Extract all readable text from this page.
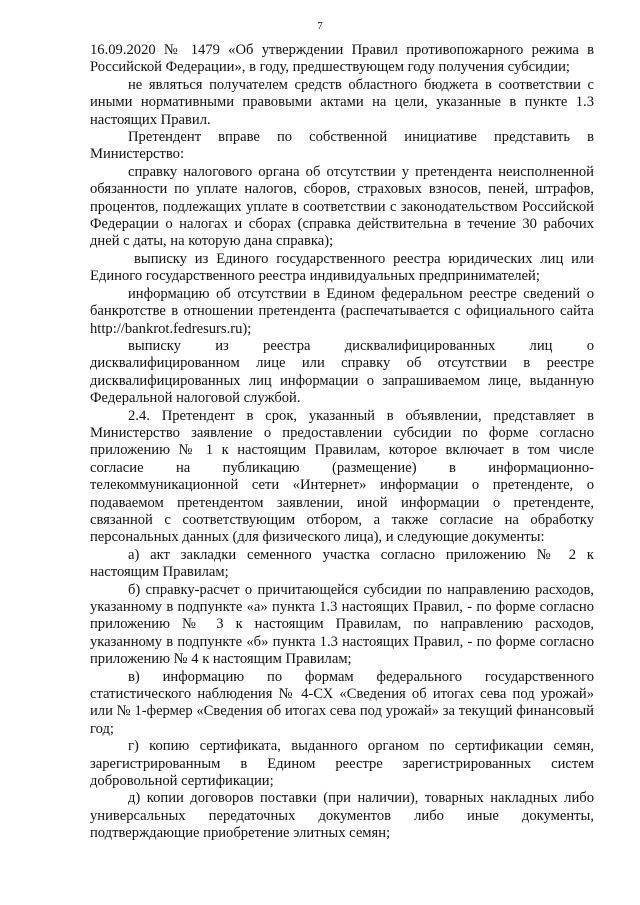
7

16.09.2020 № 1479 «Об утверждении Правил противопожарного режима в Российской Федерации», в году, предшествующем году получения субсидии;

не являться получателем средств областного бюджета в соответствии с иными нормативными правовыми актами на цели, указанные в пункте 1.3 настоящих Правил.

Претендент вправе по собственной инициативе представить в Министерство:

справку налогового органа об отсутствии у претендента неисполненной обязанности по уплате налогов, сборов, страховых взносов, пеней, штрафов, процентов, подлежащих уплате в соответствии с законодательством Российской Федерации о налогах и сборах (справка действительна в течение 30 рабочих дней с даты, на которую дана справка);

выписку из Единого государственного реестра юридических лиц или Единого государственного реестра индивидуальных предпринимателей;

информацию об отсутствии в Едином федеральном реестре сведений о банкротстве в отношении претендента (распечатывается с официального сайта http://bankrot.fedresurs.ru);

выписку из реестра дисквалифицированных лиц о дисквалифицированном лице или справку об отсутствии в реестре дисквалифицированных лиц информации о запрашиваемом лице, выданную Федеральной налоговой службой.

2.4. Претендент в срок, указанный в объявлении, представляет в Министерство заявление о предоставлении субсидии по форме согласно приложению № 1 к настоящим Правилам, которое включает в том числе согласие на публикацию (размещение) в информационно-телекоммуникационной сети «Интернет» информации о претенденте, о подаваемом претендентом заявлении, иной информации о претенденте, связанной с соответствующим отбором, а также согласие на обработку персональных данных (для физического лица), и следующие документы:

а) акт закладки семенного участка согласно приложению № 2 к настоящим Правилам;

б) справку-расчет о причитающейся субсидии по направлению расходов, указанному в подпункте «а» пункта 1.3 настоящих Правил, - по форме согласно приложению № 3 к настоящим Правилам, по направлению расходов, указанному в подпункте «б» пункта 1.3 настоящих Правил, - по форме согласно приложению № 4 к настоящим Правилам;

в) информацию по формам федерального государственного статистического наблюдения № 4-СХ «Сведения об итогах сева под урожай» или № 1-фермер «Сведения об итогах сева под урожай» за текущий финансовый год;

г) копию сертификата, выданного органом по сертификации семян, зарегистрированным в Едином реестре зарегистрированных систем добровольной сертификации;

д) копии договоров поставки (при наличии), товарных накладных либо универсальных передаточных документов либо иные документы, подтверждающие приобретение элитных семян;
